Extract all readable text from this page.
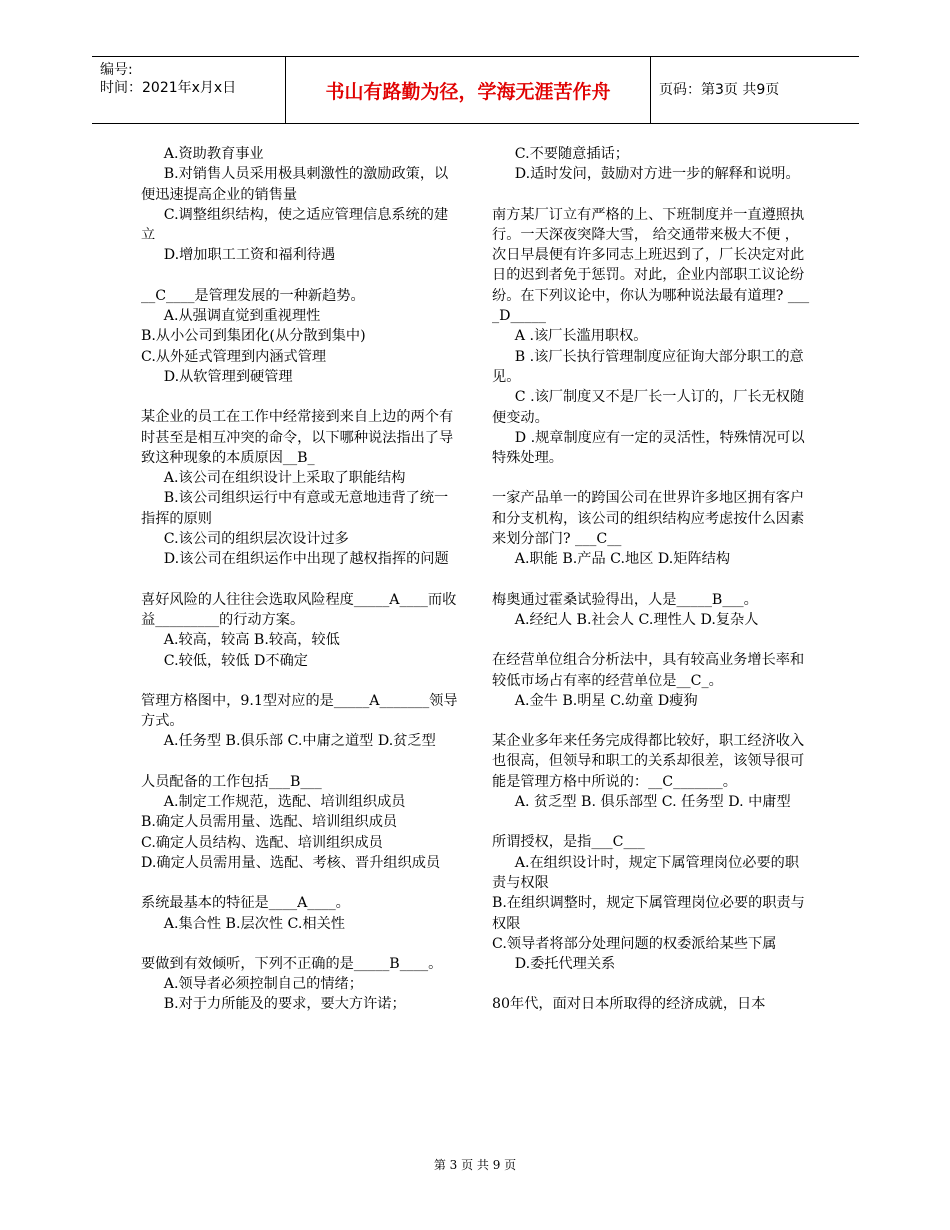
编号:
时间：2021年x月x日	书山有路勤为径，学海无涯苦作舟	页码：第3页 共9页
A.资助教育事业
B.对销售人员采用极具刺激性的激励政策，以便迅速提高企业的销售量
C.调整组织结构，使之适应管理信息系统的建立
D.增加职工工资和福利待遇
__C____是管理发展的一种新趋势。
A.从强调直觉到重视理性
B.从小公司到集团化(从分散到集中)
C.从外延式管理到内涵式管理
D.从软管理到硬管理
某企业的员工在工作中经常接到来自上边的两个有时甚至是相互冲突的命令，以下哪种说法指出了导致这种现象的本质原因__B_
A.该公司在组织设计上采取了职能结构
B.该公司组织运行中有意或无意地违背了统一指挥的原则
C.该公司的组织层次设计过多
D.该公司在组织运作中出现了越权指挥的问题
喜好风险的人往往会选取风险程度_____A____而收益_________的行动方案。
A.较高，较高 B.较高，较低
C.较低，较低 D不确定
管理方格图中，9.1型对应的是_____A_______领导方式。
A.任务型 B.俱乐部 C.中庸之道型 D.贫乏型
人员配备的工作包括___B___
A.制定工作规范，选配、培训组织成员
B.确定人员需用量、选配、培训组织成员
C.确定人员结构、选配、培训组织成员
D.确定人员需用量、选配、考核、晋升组织成员
系统最基本的特征是____A____。
A.集合性 B.层次性 C.相关性
要做到有效倾听，下列不正确的是_____B____。
A.领导者必须控制自己的情绪；
B.对于力所能及的要求，要大方许诺；
C.不要随意插话；
D.适时发问，鼓励对方进一步的解释和说明。
南方某厂订立有严格的上、下班制度并一直遵照执行。一天深夜突降大雪， 给交通带来极大不便 ， 次日早晨便有许多同志上班迟到了，厂长决定对此日的迟到者免于惩罚。对此，企业内部职工议论纷纷。在下列议论中，你认为哪种说法最有道理? ____D_____
A .该厂长滥用职权。
B .该厂长执行管理制度应征询大部分职工的意见。
C .该厂制度又不是厂长一人订的，厂长无权随便变动。
D .规章制度应有一定的灵活性，特殊情况可以特殊处理。
一家产品单一的跨国公司在世界许多地区拥有客户和分支机构，该公司的组织结构应考虑按什么因素来划分部门? ___C__
A.职能 B.产品 C.地区 D.矩阵结构
梅奥通过霍桑试验得出，人是_____B___。
A.经纪人 B.社会人 C.理性人 D.复杂人
在经营单位组合分析法中，具有较高业务增长率和较低市场占有率的经营单位是__C_。
A.金牛 B.明星 C.幼童 D瘦狗
某企业多年来任务完成得都比较好，职工经济收入也很高，但领导和职工的关系却很差，该领导很可能是管理方格中所说的：__C_______。
A. 贫乏型 B. 俱乐部型 C. 任务型 D. 中庸型
所谓授权，是指___C___
A.在组织设计时，规定下属管理岗位必要的职责与权限
B.在组织调整时，规定下属管理岗位必要的职责与权限
C.领导者将部分处理问题的权委派给某些下属
D.委托代理关系
80年代，面对日本所取得的经济成就，日本
第 3 页 共 9 页
